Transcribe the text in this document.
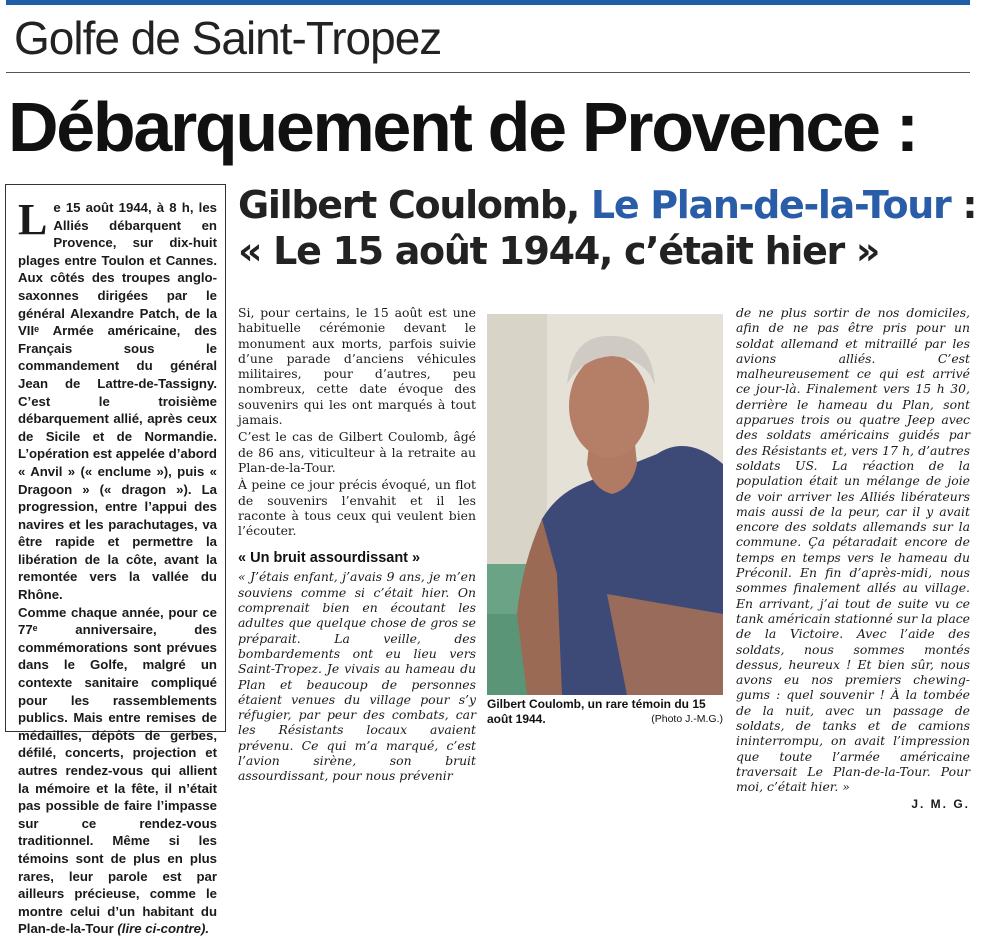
Golfe de Saint-Tropez
Débarquement de Provence :

Le 15 août 1944, à 8 h, les Alliés débarquent en Provence, sur dix-huit plages entre Toulon et Cannes. Aux côtés des troupes anglo-saxonnes dirigées par le général Alexandre Patch, de la VIIᵉ Armée américaine, des Français sous le commandement du général Jean de Lattre-de-Tassigny. C’est le troisième débarquement allié, après ceux de Sicile et de Normandie. L’opération est appelée d’abord « Anvil » (« enclume »), puis « Dragoon » (« dragon »). La progression, entre l’appui des navires et les parachutages, va être rapide et permettre la libération de la côte, avant la remontée vers la vallée du Rhône.

Comme chaque année, pour ce 77ᵉ anniversaire, des commémorations sont prévues dans le Golfe, malgré un contexte sanitaire compliqué pour les rassemblements publics. Mais entre remises de médailles, dépôts de gerbes, défilé, concerts, projection et autres rendez-vous qui allient la mémoire et la fête, il n’était pas possible de faire l’impasse sur ce rendez-vous traditionnel. Même si les témoins sont de plus en plus rares, leur parole est par ailleurs précieuse, comme le montre celui d’un habitant du Plan-de-la-Tour (lire ci-contre).

Gilbert Coulomb, Le Plan-de-la-Tour :
« Le 15 août 1944, c’était hier »

Si, pour certains, le 15 août est une habituelle cérémonie devant le monument aux morts, parfois suivie d’une parade d’anciens véhicules militaires, pour d’autres, peu nombreux, cette date évoque des souvenirs qui les ont marqués à tout jamais.

C’est le cas de Gilbert Coulomb, âgé de 86 ans, viticulteur à la retraite au Plan-de-la-Tour.

À peine ce jour précis évoqué, un flot de souvenirs l’envahit et il les raconte à tous ceux qui veulent bien l’écouter.

« Un bruit assourdissant »

« J’étais enfant, j’avais 9 ans, je m’en souviens comme si c’était hier. On comprenait bien en écoutant les adultes que quelque chose de gros se préparait. La veille, des bombardements ont eu lieu vers Saint-Tropez. Je vivais au hameau du Plan et beaucoup de personnes étaient venues du village pour s’y réfugier, par peur des combats, car les Résistants locaux avaient prévenu. Ce qui m’a marqué, c’est l’avion sirène, son bruit assourdissant, pour nous prévenir

Gilbert Coulomb, un rare témoin du 15 août 1944.	(Photo J.-M.G.)

de ne plus sortir de nos domiciles, afin de ne pas être pris pour un soldat allemand et mitraillé par les avions alliés. C’est malheureusement ce qui est arrivé ce jour-là. Finalement vers 15 h 30, derrière le hameau du Plan, sont apparues trois ou quatre Jeep avec des soldats américains guidés par des Résistants et, vers 17 h, d’autres soldats US. La réaction de la population était un mélange de joie de voir arriver les Alliés libérateurs mais aussi de la peur, car il y avait encore des soldats allemands sur la commune. Ça pétaradait encore de temps en temps vers le hameau du Préconil. En fin d’après-midi, nous sommes finalement allés au village. En arrivant, j’ai tout de suite vu ce tank américain stationné sur la place de la Victoire. Avec l’aide des soldats, nous sommes montés dessus, heureux ! Et bien sûr, nous avons eu nos premiers chewing-gums : quel souvenir ! À la tombée de la nuit, avec un passage de soldats, de tanks et de camions ininterrompu, on avait l’impression que toute l’armée américaine traversait Le Plan-de-la-Tour. Pour moi, c’était hier. »

J. M. G.
